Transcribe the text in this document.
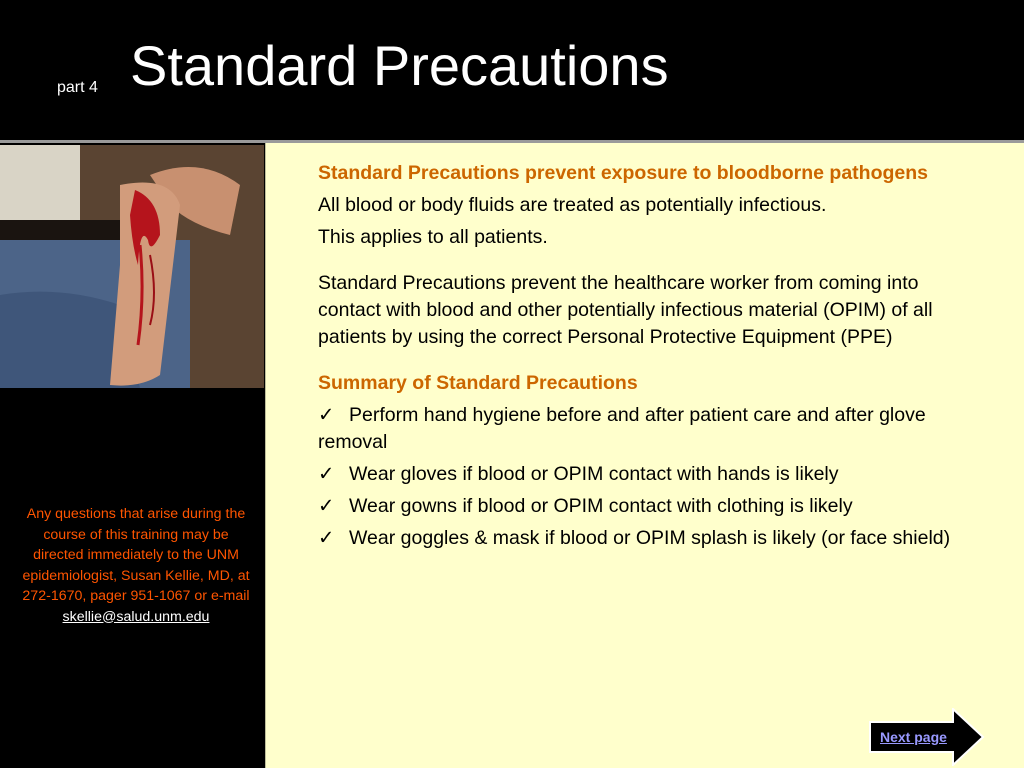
part 4 Standard Precautions
Any questions that arise during the course of this training may be directed immediately to the UNM epidemiologist, Susan Kellie, MD, at 272-1670, pager 951-1067 or e-mail
skellie@salud.unm.edu

Standard Precautions prevent exposure to bloodborne pathogens

All blood or body fluids are treated as potentially infectious.

This applies to all patients.

Standard Precautions prevent the healthcare worker from coming into contact with blood and other potentially infectious material (OPIM) of all patients by using the correct Personal Protective Equipment (PPE)

Summary of Standard Precautions

✓ Perform hand hygiene before and after patient care and after glove removal

✓ Wear gloves if blood or OPIM contact with hands is likely

✓ Wear gowns if blood or OPIM contact with clothing is likely

✓ Wear goggles & mask if blood or OPIM splash is likely (or face shield)

Next page
